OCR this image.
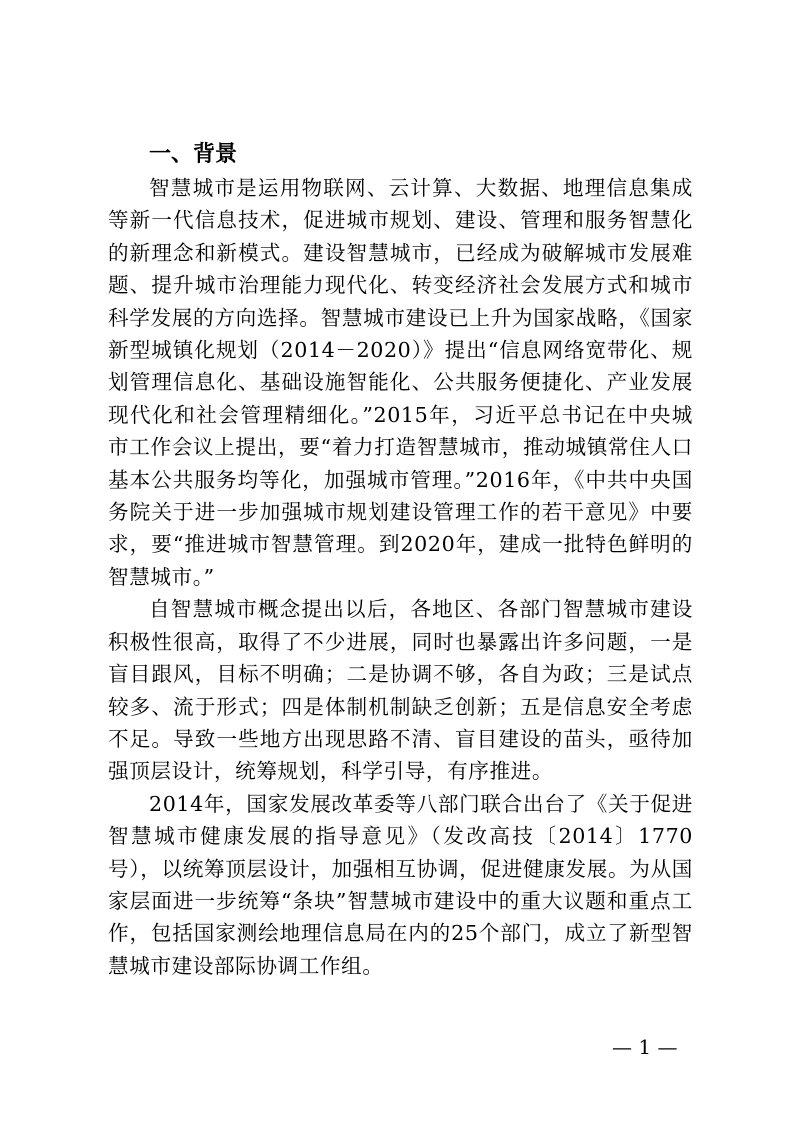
一、背景

智慧城市是运用物联网、云计算、大数据、地理信息集成等新一代信息技术，促进城市规划、建设、管理和服务智慧化的新理念和新模式。建设智慧城市，已经成为破解城市发展难题、提升城市治理能力现代化、转变经济社会发展方式和城市科学发展的方向选择。智慧城市建设已上升为国家战略，《国家新型城镇化规划（2014－2020）》提出“信息网络宽带化、规划管理信息化、基础设施智能化、公共服务便捷化、产业发展现代化和社会管理精细化。”2015年，习近平总书记在中央城市工作会议上提出，要“着力打造智慧城市，推动城镇常住人口基本公共服务均等化，加强城市管理。”2016年，《中共中央国务院关于进一步加强城市规划建设管理工作的若干意见》中要求，要“推进城市智慧管理。到2020年，建成一批特色鲜明的智慧城市。”

自智慧城市概念提出以后，各地区、各部门智慧城市建设积极性很高，取得了不少进展，同时也暴露出许多问题，一是盲目跟风，目标不明确；二是协调不够，各自为政；三是试点较多、流于形式；四是体制机制缺乏创新；五是信息安全考虑不足。导致一些地方出现思路不清、盲目建设的苗头，亟待加强顶层设计，统筹规划，科学引导，有序推进。

2014年，国家发展改革委等八部门联合出台了《关于促进智慧城市健康发展的指导意见》（发改高技〔2014〕1770号），以统筹顶层设计，加强相互协调，促进健康发展。为从国家层面进一步统筹“条块”智慧城市建设中的重大议题和重点工作，包括国家测绘地理信息局在内的25个部门，成立了新型智慧城市建设部际协调工作组。

— 1 —
